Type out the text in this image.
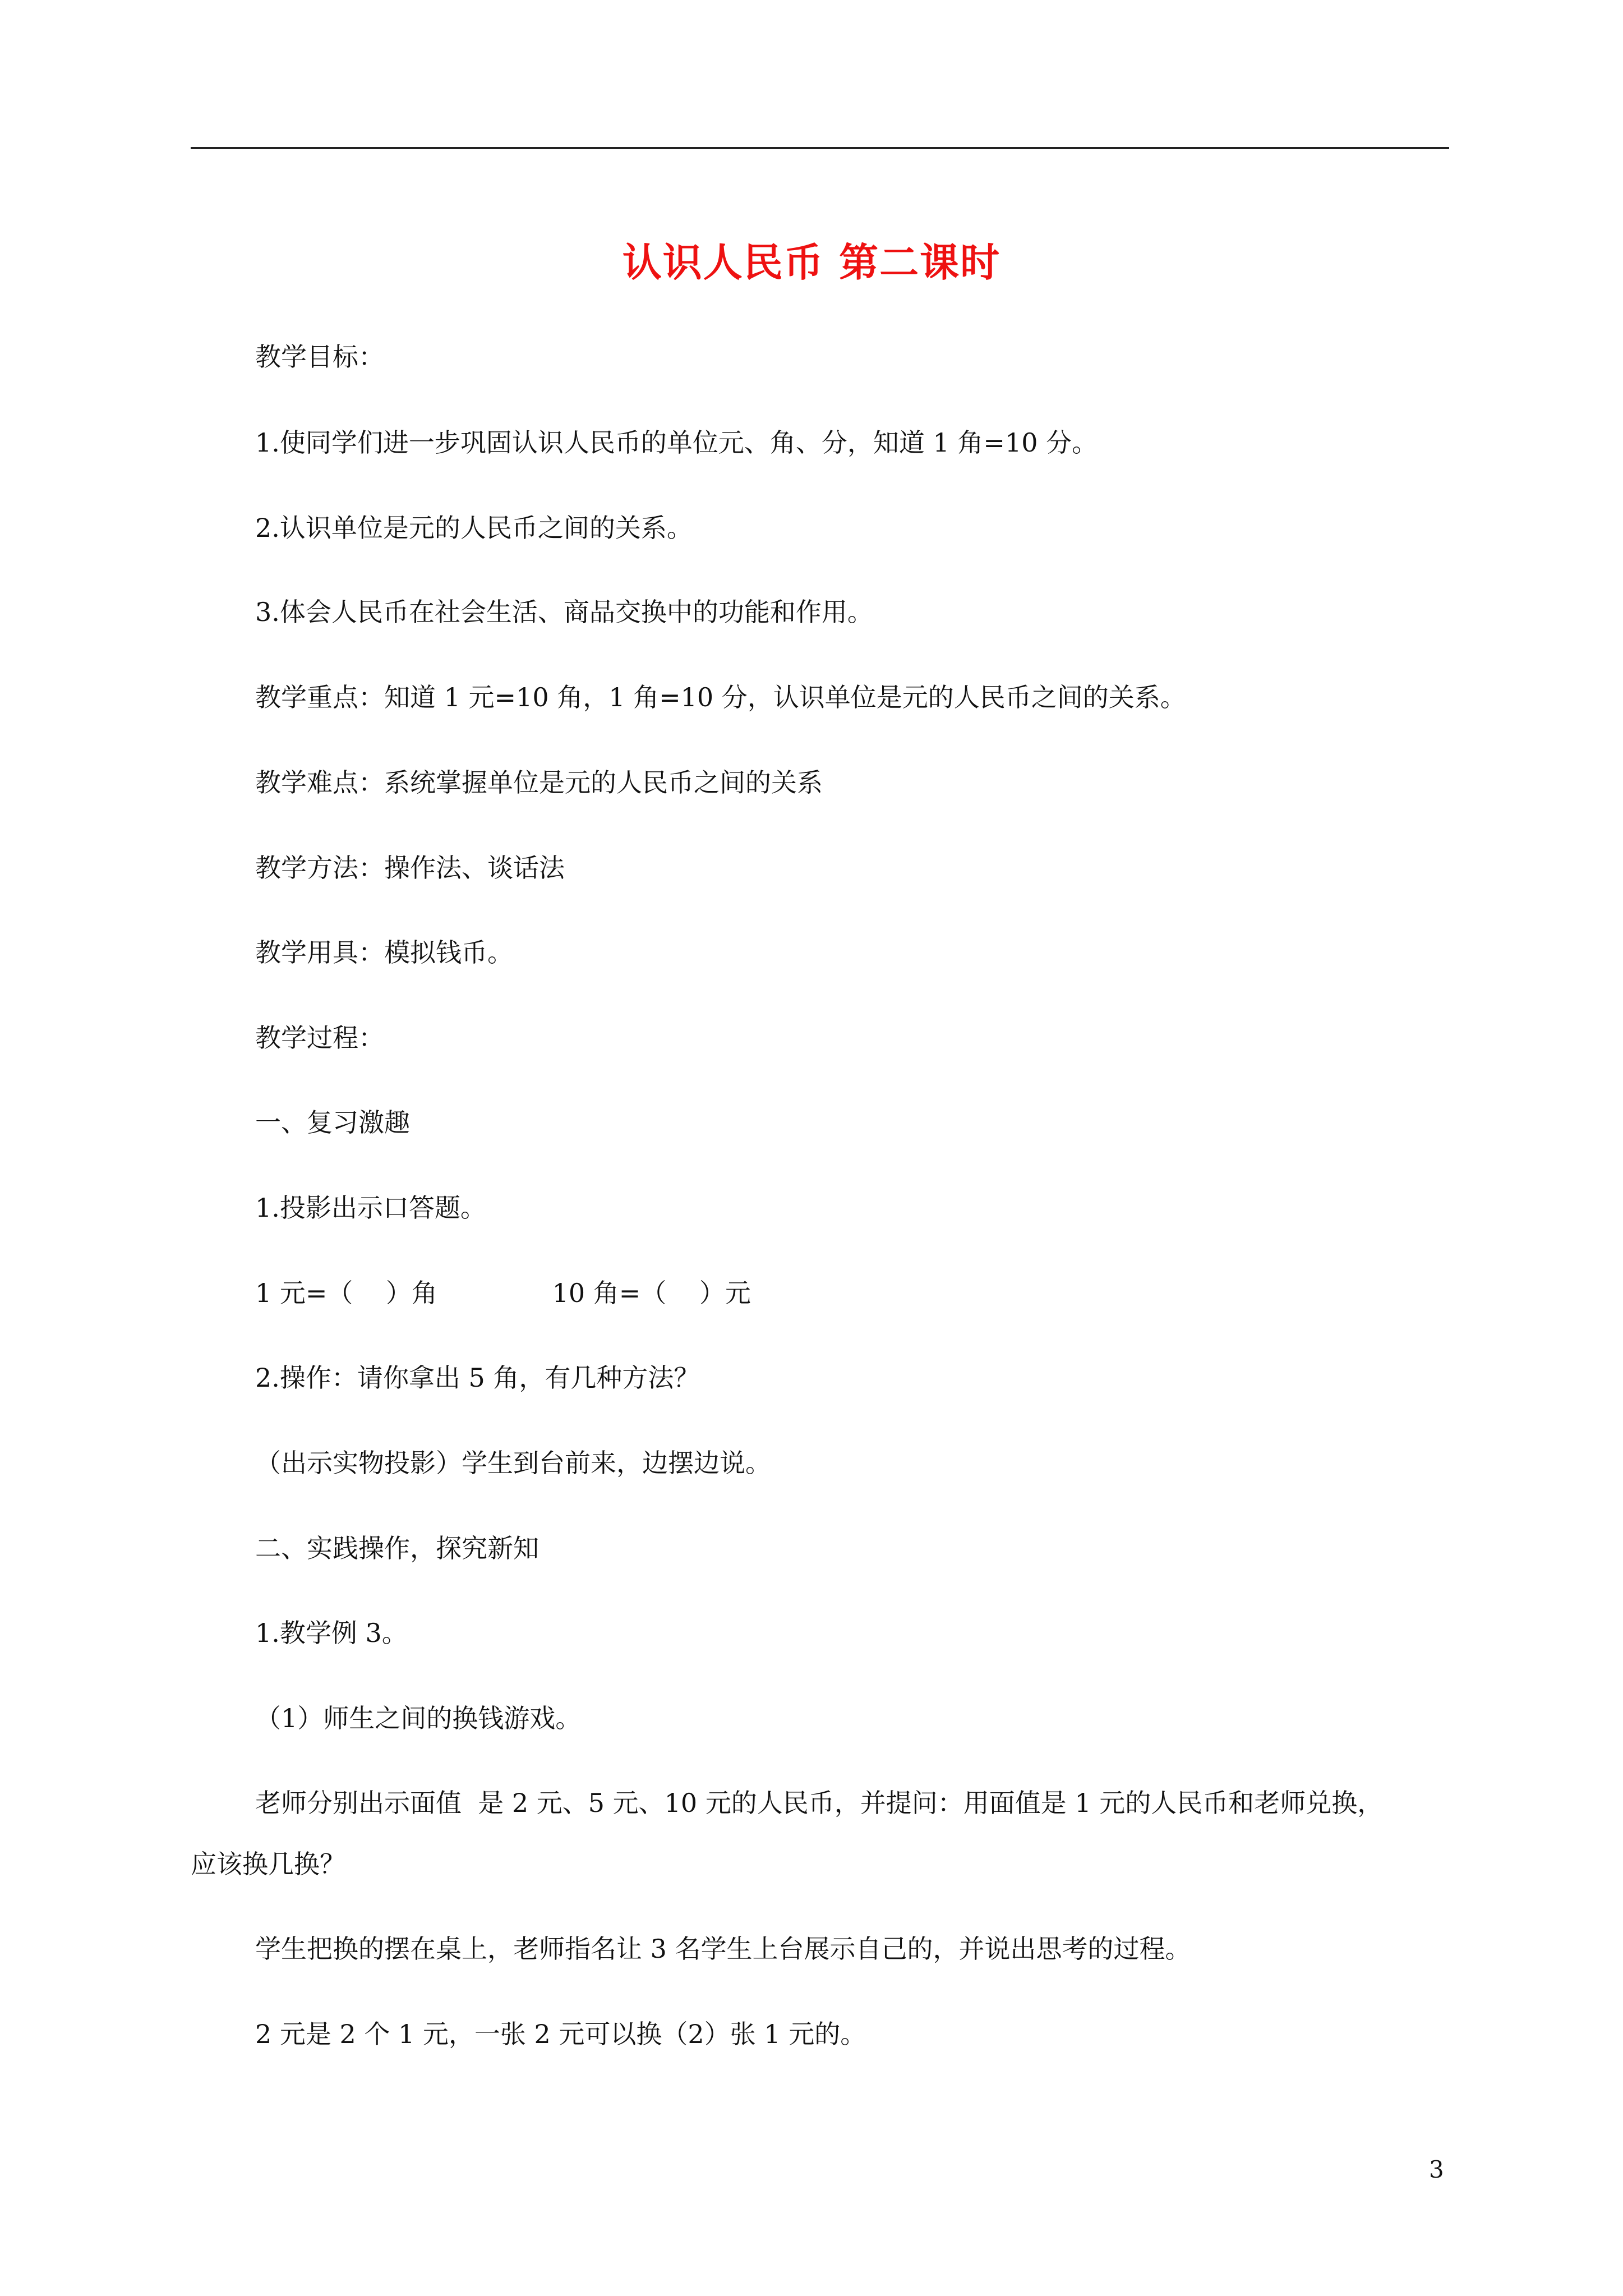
认识人民币 第二课时
教学目标：
1.使同学们进一步巩固认识人民币的单位元、角、分，知道 1 角=10 分。
2.认识单位是元的人民币之间的关系。
3.体会人民币在社会生活、商品交换中的功能和作用。
教学重点：知道 1 元=10 角，1 角=10 分，认识单位是元的人民币之间的关系。
教学难点：系统掌握单位是元的人民币之间的关系
教学方法：操作法、谈话法
教学用具：模拟钱币。
教学过程：
一、复习激趣
1.投影出示口答题。
1 元=（    ）角              10 角=（    ）元
2.操作：请你拿出 5 角，有几种方法？
（出示实物投影）学生到台前来，边摆边说。
二、实践操作，探究新知
1.教学例 3。
（1）师生之间的换钱游戏。
老师分别出示面值  是 2 元、5 元、10 元的人民币，并提问：用面值是 1 元的人民币和老师兑换，
应该换几换？
学生把换的摆在桌上，老师指名让 3 名学生上台展示自己的，并说出思考的过程。
2 元是 2 个 1 元，一张 2 元可以换（2）张 1 元的。
3
